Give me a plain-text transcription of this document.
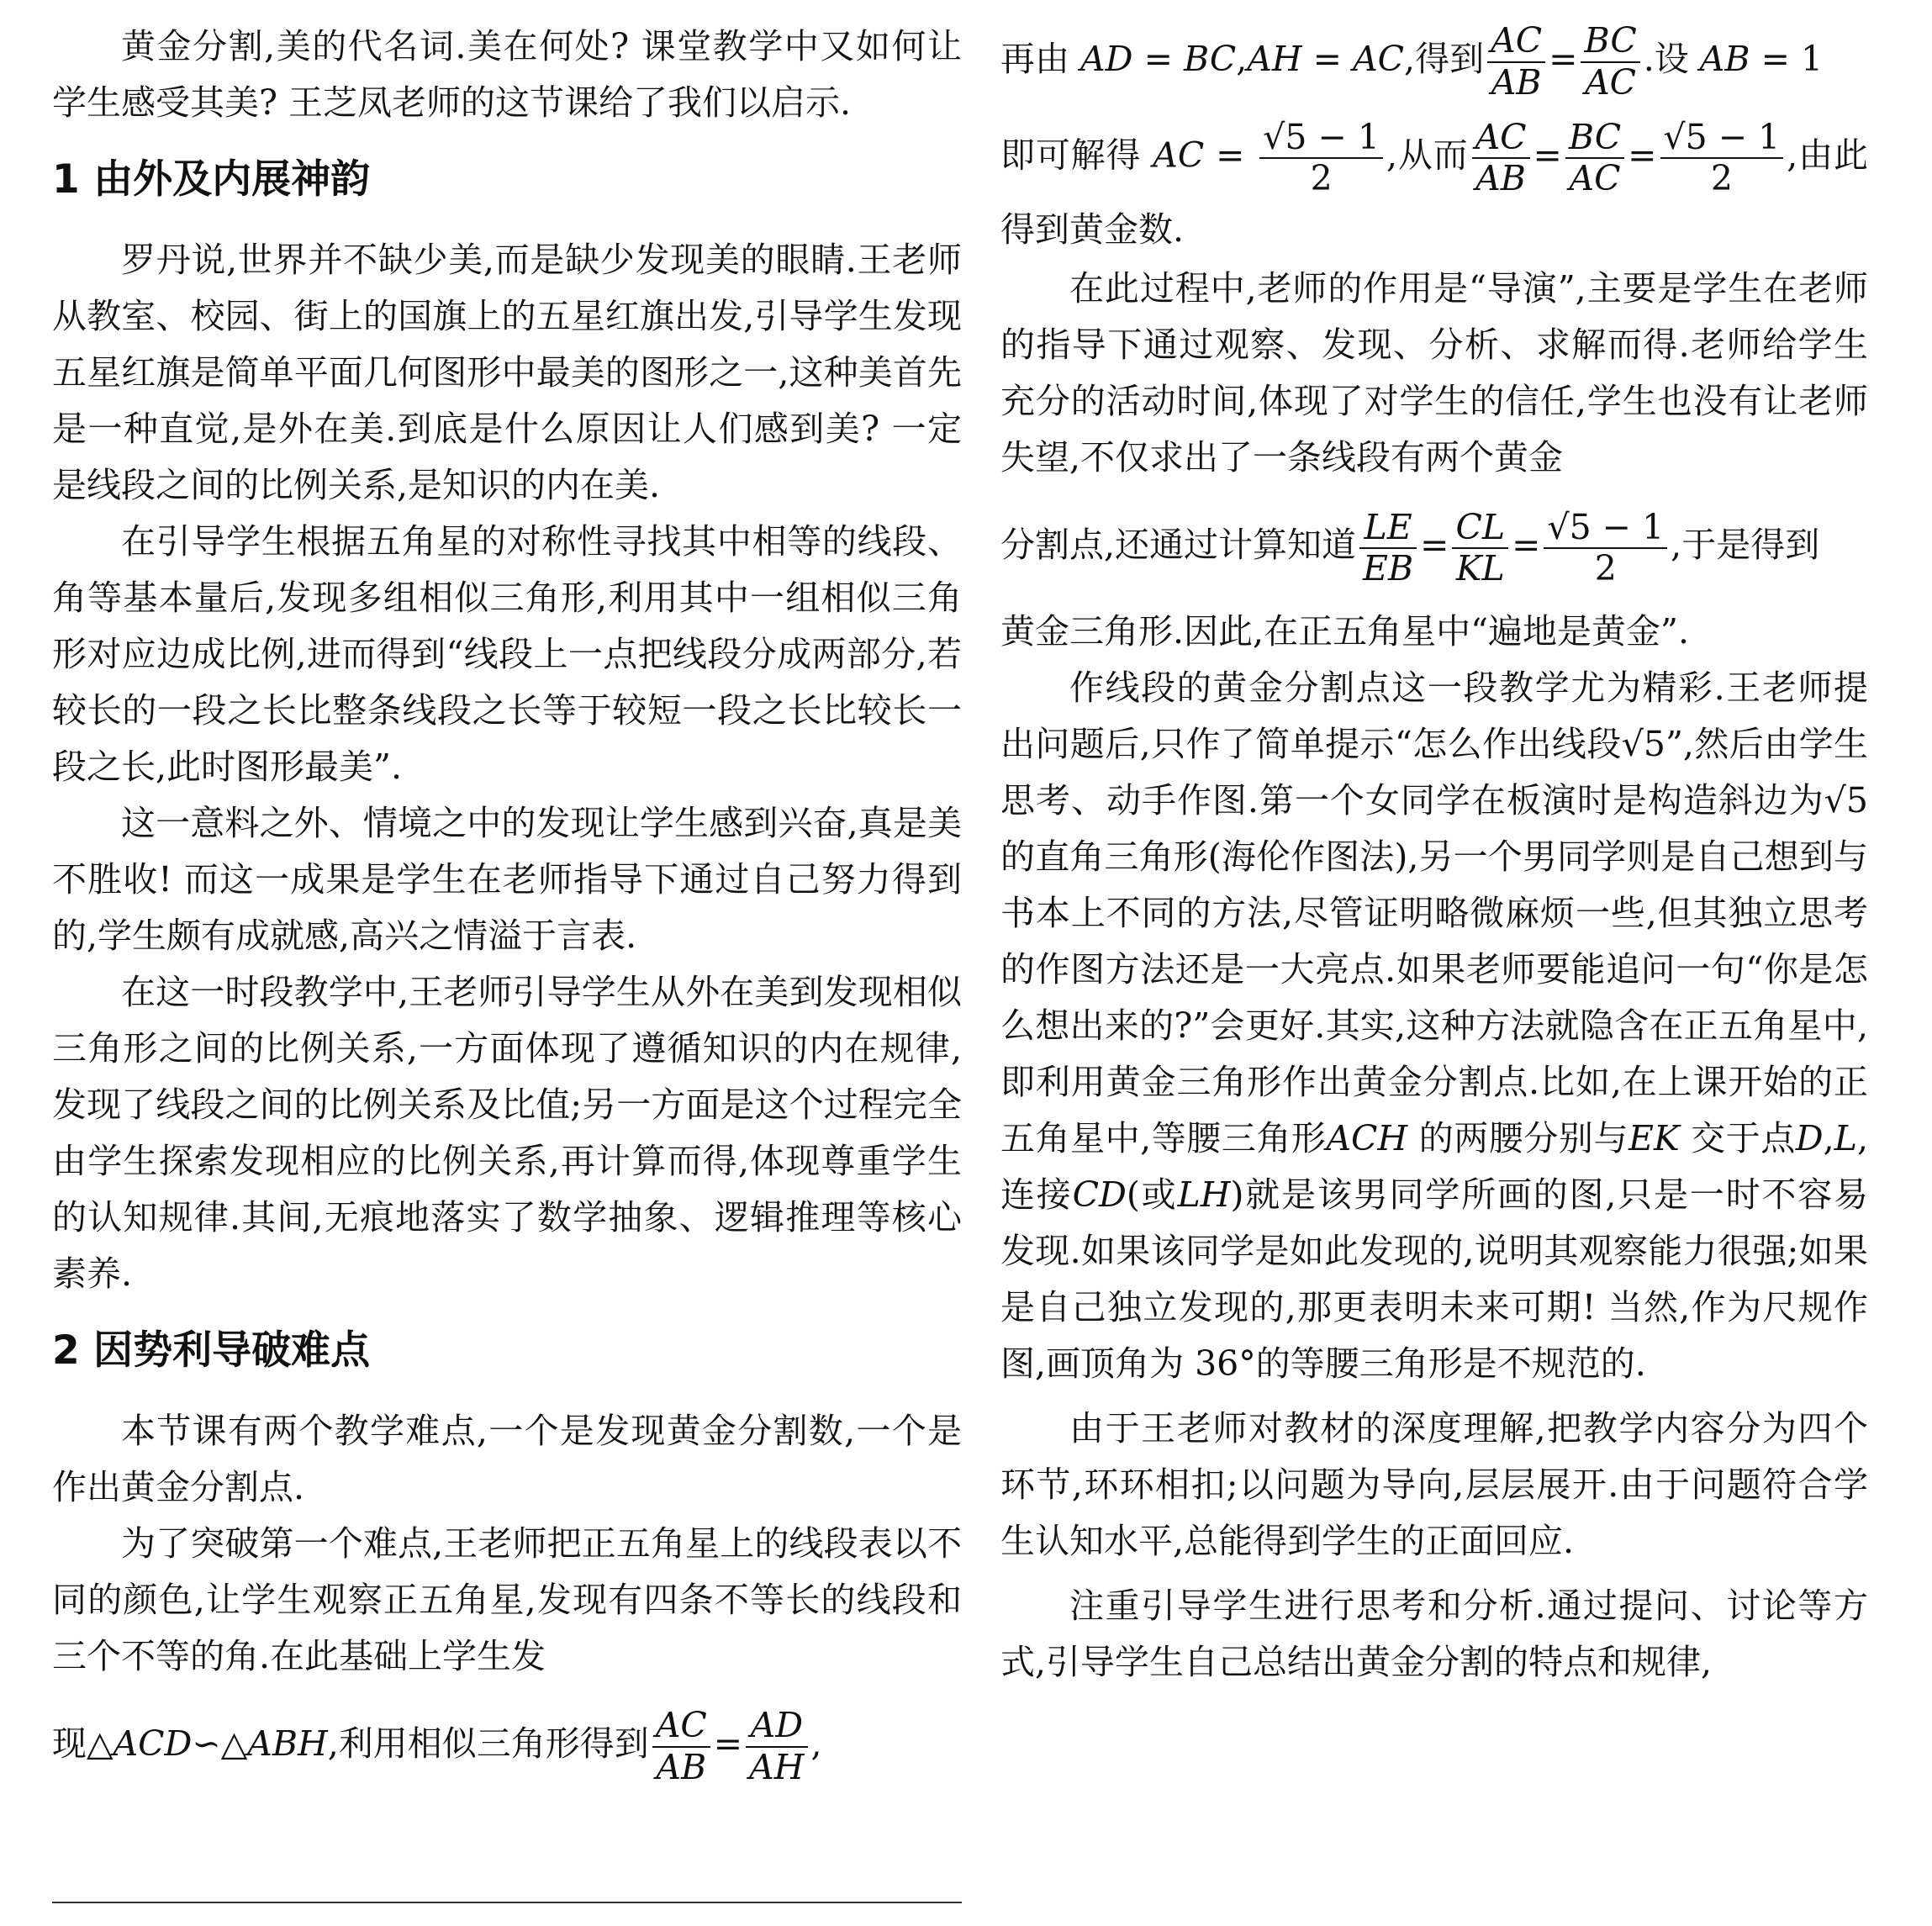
黄金分割,美的代名词.美在何处? 课堂教学中又如何让学生感受其美? 王芝凤老师的这节课给了我们以启示.

1 由外及内展神韵

罗丹说,世界并不缺少美,而是缺少发现美的眼睛.王老师从教室、校园、街上的国旗上的五星红旗出发,引导学生发现五星红旗是简单平面几何图形中最美的图形之一,这种美首先是一种直觉,是外在美.到底是什么原因让人们感到美? 一定是线段之间的比例关系,是知识的内在美.

在引导学生根据五角星的对称性寻找其中相等的线段、角等基本量后,发现多组相似三角形,利用其中一组相似三角形对应边成比例,进而得到“线段上一点把线段分成两部分,若较长的一段之长比整条线段之长等于较短一段之长比较长一段之长,此时图形最美”.

这一意料之外、情境之中的发现让学生感到兴奋,真是美不胜收! 而这一成果是学生在老师指导下通过自己努力得到的,学生颇有成就感,高兴之情溢于言表.

在这一时段教学中,王老师引导学生从外在美到发现相似三角形之间的比例关系,一方面体现了遵循知识的内在规律,发现了线段之间的比例关系及比值;另一方面是这个过程完全由学生探索发现相应的比例关系,再计算而得,体现尊重学生的认知规律.其间,无痕地落实了数学抽象、逻辑推理等核心素养.

2 因势利导破难点

本节课有两个教学难点,一个是发现黄金分割数,一个是作出黄金分割点.

为了突破第一个难点,王老师把正五角星上的线段表以不同的颜色,让学生观察正五角星,发现有四条不等长的线段和三个不等的角.在此基础上学生发

现△ACD∽△ABH,利用相似三角形得到 $\frac{AC}{AB} = \frac{AD}{AH}$ ,

再由 AD = BC,AH = AC,得到 $\frac{AC}{AB} = \frac{BC}{AC}$ .设 AB = 1

即可解得 AC = $\frac{√5 - 1}{2}$ ,从而 $\frac{AC}{AB} = \frac{BC}{AC} = \frac{√5 - 1}{2}$ ,由此得到黄金数.

在此过程中,老师的作用是“导演”,主要是学生在老师的指导下通过观察、发现、分析、求解而得.老师给学生充分的活动时间,体现了对学生的信任,学生也没有让老师失望,不仅求出了一条线段有两个黄金

分割点,还通过计算知道 $\frac{LE}{EB} = \frac{CL}{KL} = \frac{√5 - 1}{2}$ ,于是得到

黄金三角形.因此,在正五角星中“遍地是黄金”.

作线段的黄金分割点这一段教学尤为精彩.王老师提出问题后,只作了简单提示“怎么作出线段√5”,然后由学生思考、动手作图.第一个女同学在板演时是构造斜边为√5的直角三角形(海伦作图法),另一个男同学则是自己想到与书本上不同的方法,尽管证明略微麻烦一些,但其独立思考的作图方法还是一大亮点.如果老师要能追问一句“你是怎么想出来的?”会更好.其实,这种方法就隐含在正五角星中,即利用黄金三角形作出黄金分割点.比如,在上课开始的正五角星中,等腰三角形ACH 的两腰分别与EK 交于点D,L,连接CD(或LH)就是该男同学所画的图,只是一时不容易发现.如果该同学是如此发现的,说明其观察能力很强;如果是自己独立发现的,那更表明未来可期! 当然,作为尺规作图,画顶角为 36°的等腰三角形是不规范的.

由于王老师对教材的深度理解,把教学内容分为四个环节,环环相扣;以问题为导向,层层展开.由于问题符合学生认知水平,总能得到学生的正面回应.

注重引导学生进行思考和分析.通过提问、讨论等方式,引导学生自己总结出黄金分割的特点和规律,
